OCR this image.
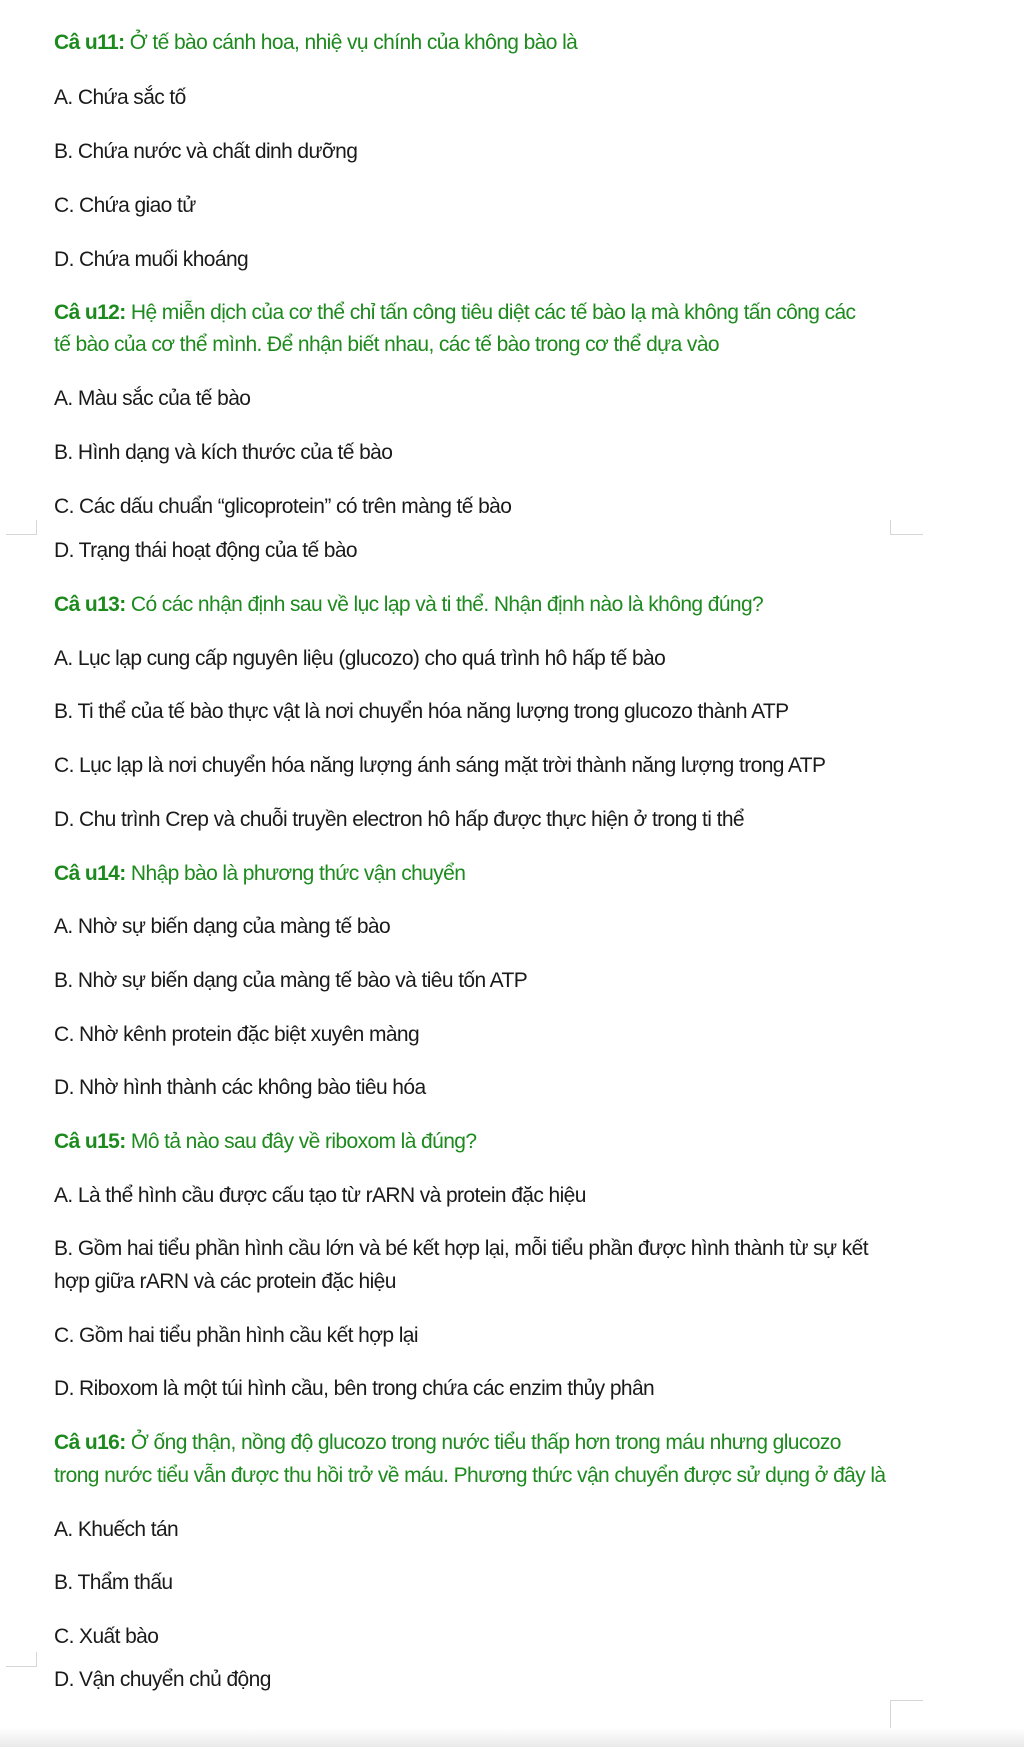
Câ u11: Ở tế bào cánh hoa, nhiệ vụ chính của không bào là
A. Chứa sắc tố
B. Chứa nước và chất dinh dưỡng
C. Chứa giao tử
D. Chứa muối khoáng
Câ u12: Hệ miễn dịch của cơ thể chỉ tấn công tiêu diệt các tế bào lạ mà không tấn công các
tế bào của cơ thể mình. Để nhận biết nhau, các tế bào trong cơ thể dựa vào
A. Màu sắc của tế bào
B. Hình dạng và kích thước của tế bào
C. Các dấu chuẩn “glicoprotein” có trên màng tế bào
D. Trạng thái hoạt động của tế bào
Câ u13: Có các nhận định sau về lục lạp và ti thể. Nhận định nào là không đúng?
A. Lục lạp cung cấp nguyên liệu (glucozo) cho quá trình hô hấp tế bào
B. Ti thể của tế bào thực vật là nơi chuyển hóa năng lượng trong glucozo thành ATP
C. Lục lạp là nơi chuyển hóa năng lượng ánh sáng mặt trời thành năng lượng trong ATP
D. Chu trình Crep và chuỗi truyền electron hô hấp được thực hiện ở trong ti thể
Câ u14: Nhập bào là phương thức vận chuyển
A. Nhờ sự biến dạng của màng tế bào
B. Nhờ sự biến dạng của màng tế bào và tiêu tốn ATP
C. Nhờ kênh protein đặc biệt xuyên màng
D. Nhờ hình thành các không bào tiêu hóa
Câ u15: Mô tả nào sau đây về riboxom là đúng?
A. Là thể hình cầu được cấu tạo từ rARN và protein đặc hiệu
B. Gồm hai tiểu phần hình cầu lớn và bé kết hợp lại, mỗi tiểu phần được hình thành từ sự kết
hợp giữa rARN và các protein đặc hiệu
C. Gồm hai tiểu phần hình cầu kết hợp lại
D. Riboxom là một túi hình cầu, bên trong chứa các enzim thủy phân
Câ u16: Ở ống thận, nồng độ glucozo trong nước tiểu thấp hơn trong máu nhưng glucozo
trong nước tiểu vẫn được thu hồi trở về máu. Phương thức vận chuyển được sử dụng ở đây là
A. Khuếch tán
B. Thẩm thấu
C. Xuất bào
D. Vận chuyển chủ động
